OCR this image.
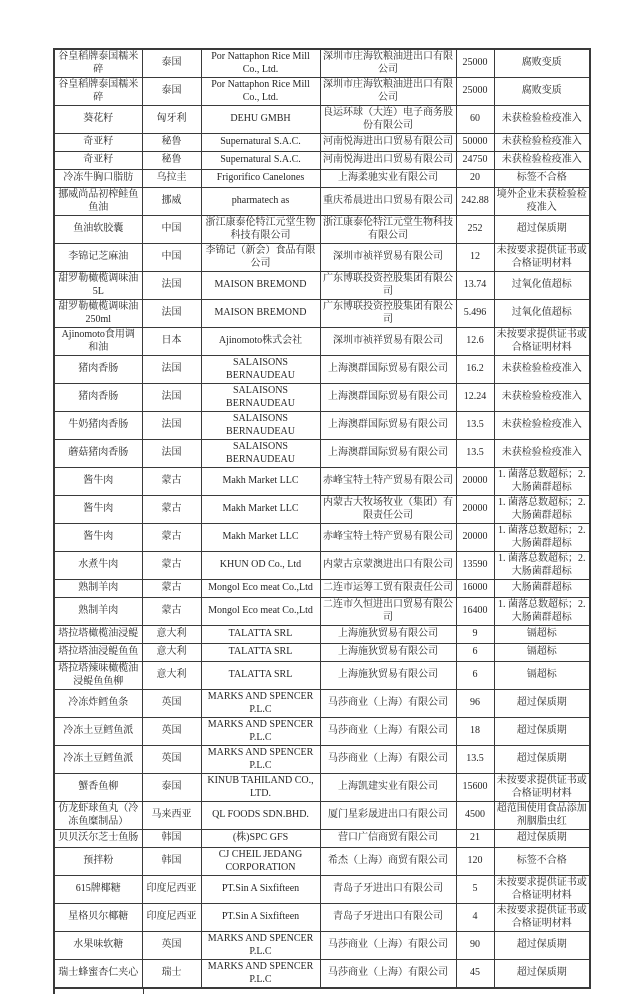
谷皇稻牌泰国糯米碎	泰国	Por Nattaphon Rice Mill Co., Ltd.	深圳市庄海钦粮油进出口有限公司	25000	腐败变质
谷皇稻牌泰国糯米碎	泰国	Por Nattaphon Rice Mill Co., Ltd.	深圳市庄海钦粮油进出口有限公司	25000	腐败变质
葵花籽	匈牙利	DEHU GMBH	良运环球（大连）电子商务股份有限公司	60	未获检验检疫准入
奇亚籽	秘鲁	Supernatural S.A.C.	河南悦海进出口贸易有限公司	50000	未获检验检疫准入
奇亚籽	秘鲁	Supernatural S.A.C.	河南悦海进出口贸易有限公司	24750	未获检验检疫准入
冷冻牛胸口脂肪	乌拉圭	Frigorifico Canelones	上海柔驰实业有限公司	20	标签不合格
挪威尚品初榨鲑鱼鱼油	挪威	pharmatech as	重庆希晨进出口贸易有限公司	242.88	境外企业未获检验检疫准入
鱼油软胶囊	中国	浙江康泰伦特江元堂生物科技有限公司	浙江康泰伦特江元堂生物科技有限公司	252	超过保质期
李锦记芝麻油	中国	李锦记（新会）食品有限公司	深圳市祯祥贸易有限公司	12	未按要求提供证书或合格证明材料
甜罗勒橄榄调味油5L	法国	MAISON BREMOND	广东博联投资控股集团有限公司	13.74	过氧化值超标
甜罗勒橄榄调味油250ml	法国	MAISON BREMOND	广东博联投资控股集团有限公司	5.496	过氧化值超标
Ajinomoto食用调和油	日本	Ajinomoto株式会社	深圳市祯祥贸易有限公司	12.6	未按要求提供证书或合格证明材料
猪肉香肠	法国	SALAISONS BERNAUDEAU	上海澳群国际贸易有限公司	16.2	未获检验检疫准入
猪肉香肠	法国	SALAISONS BERNAUDEAU	上海澳群国际贸易有限公司	12.24	未获检验检疫准入
牛奶猪肉香肠	法国	SALAISONS BERNAUDEAU	上海澳群国际贸易有限公司	13.5	未获检验检疫准入
蘑菇猪肉香肠	法国	SALAISONS BERNAUDEAU	上海澳群国际贸易有限公司	13.5	未获检验检疫准入
酱牛肉	蒙古	Makh Market LLC	赤峰宝特土特产贸易有限公司	20000	1. 菌落总数超标；2. 大肠菌群超标
酱牛肉	蒙古	Makh Market LLC	内蒙古大牧场牧业（集团）有限责任公司	20000	1. 菌落总数超标；2. 大肠菌群超标
酱牛肉	蒙古	Makh Market LLC	赤峰宝特土特产贸易有限公司	20000	1. 菌落总数超标；2. 大肠菌群超标
水煮牛肉	蒙古	KHUN OD Co., Ltd	内蒙古京蒙澳进出口有限公司	13590	1. 菌落总数超标；2. 大肠菌群超标
熟制羊肉	蒙古	Mongol Eco meat Co.,Ltd	二连市运筹工贸有限责任公司	16000	大肠菌群超标
熟制羊肉	蒙古	Mongol Eco meat Co.,Ltd	二连市久恒进出口贸易有限公司	16400	1. 菌落总数超标；2. 大肠菌群超标
塔拉塔橄榄油浸鳀	意大利	TALATTA SRL	上海施狄贸易有限公司	9	镉超标
塔拉塔油浸鳀鱼鱼	意大利	TALATTA SRL	上海施狄贸易有限公司	6	镉超标
塔拉塔辣味橄榄油浸鳀鱼鱼柳	意大利	TALATTA SRL	上海施狄贸易有限公司	6	镉超标
冷冻炸鳕鱼条	英国	MARKS AND SPENCER P.L.C	马莎商业（上海）有限公司	96	超过保质期
冷冻土豆鳕鱼派	英国	MARKS AND SPENCER P.L.C	马莎商业（上海）有限公司	18	超过保质期
冷冻土豆鳕鱼派	英国	MARKS AND SPENCER P.L.C	马莎商业（上海）有限公司	13.5	超过保质期
蟹香鱼柳	泰国	KINUB TAHILAND CO., LTD.	上海凯建实业有限公司	15600	未按要求提供证书或合格证明材料
仿龙虾球鱼丸（冷冻鱼糜制品）	马来西亚	QL FOODS SDN.BHD.	厦门星彩晟进出口有限公司	4500	超范围使用食品添加剂胭脂虫红
贝贝沃尔芝士鱼肠	韩国	(株)SPC GFS	营口广信商贸有限公司	21	超过保质期
预拌粉	韩国	CJ CHEIL JEDANG CORPORATION	希杰（上海）商贸有限公司	120	标签不合格
615牌椰糖	印度尼西亚	PT.Sin A Sixfifteen	青岛子牙进出口有限公司	5	未按要求提供证书或合格证明材料
星格贝尔椰糖	印度尼西亚	PT.Sin A Sixfifteen	青岛子牙进出口有限公司	4	未按要求提供证书或合格证明材料
水果味软糖	英国	MARKS AND SPENCER P.L.C	马莎商业（上海）有限公司	90	超过保质期
瑞士蜂蜜杏仁夹心	瑞士	MARKS AND SPENCER P.L.C	马莎商业（上海）有限公司	45	超过保质期
